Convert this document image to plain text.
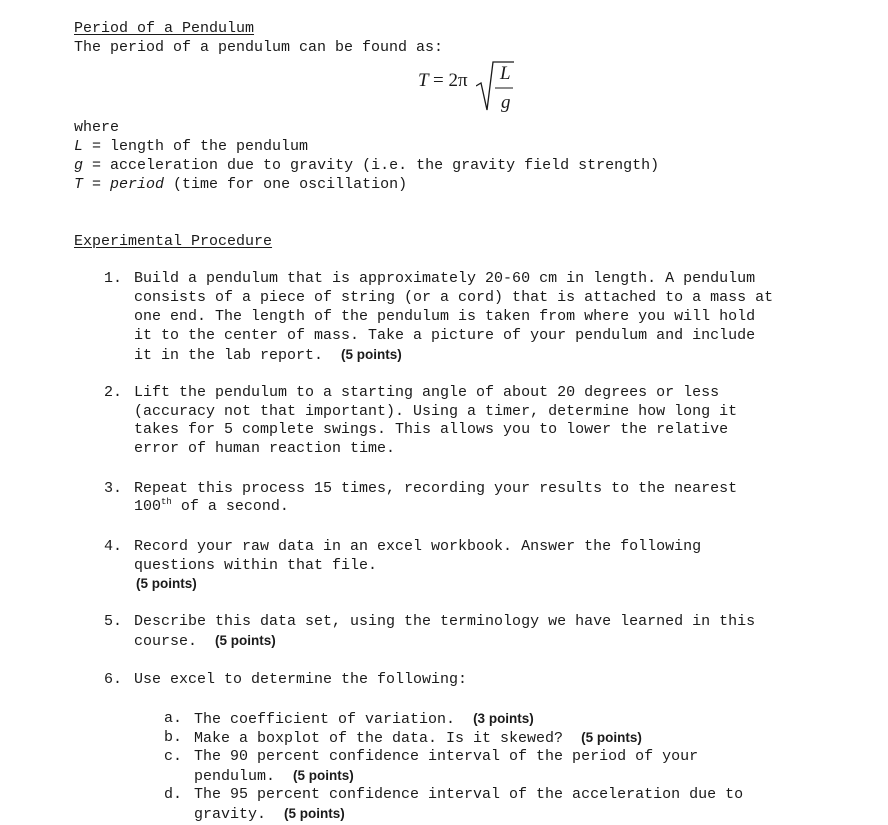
Period of a Pendulum
The period of a pendulum can be found as:
T = 2π L
g
where
L = length of the pendulum
g = acceleration due to gravity (i.e. the gravity field strength)
T = period (time for one oscillation)
Experimental Procedure
1. Build a pendulum that is approximately 20-60 cm in length. A pendulum
consists of a piece of string (or a cord) that is attached to a mass at
one end. The length of the pendulum is taken from where you will hold
it to the center of mass. Take a picture of your pendulum and include
it in the lab report. (5 points)
2. Lift the pendulum to a starting angle of about 20 degrees or less
(accuracy not that important). Using a timer, determine how long it
takes for 5 complete swings. This allows you to lower the relative
error of human reaction time.
3. Repeat this process 15 times, recording your results to the nearest
100th of a second.
4. Record your raw data in an excel workbook. Answer the following
questions within that file.
(5 points)
5. Describe this data set, using the terminology we have learned in this
course. (5 points)
6. Use excel to determine the following:
a. The coefficient of variation. (3 points)
b. Make a boxplot of the data. Is it skewed? (5 points)
c. The 90 percent confidence interval of the period of your
pendulum. (5 points)
d. The 95 percent confidence interval of the acceleration due to
gravity. (5 points)
